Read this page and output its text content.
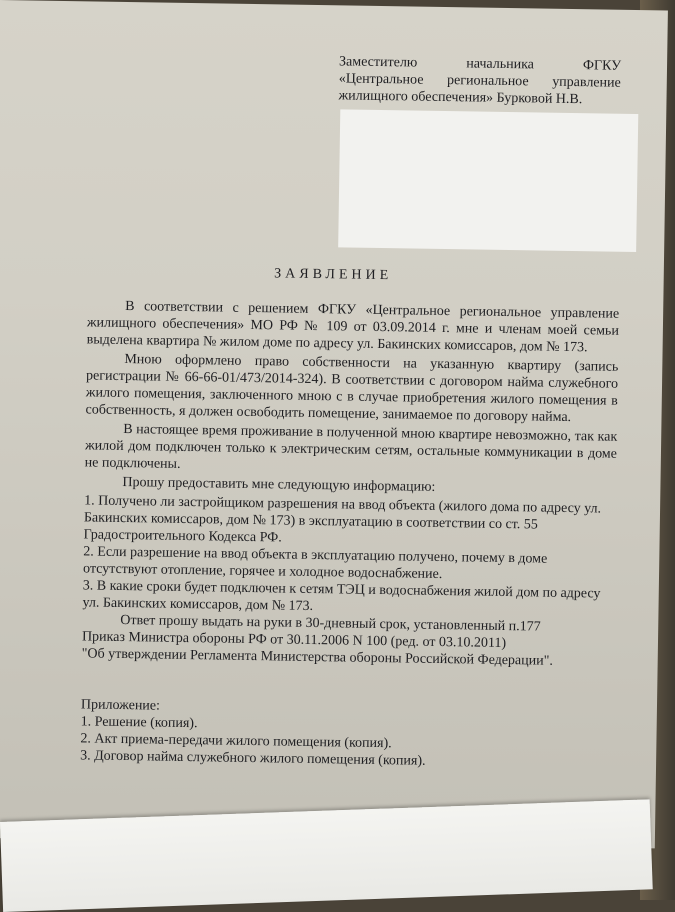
Заместителю начальника ФГКУ

«Центральное региональное управление

жилищного обеспечения» Бурковой Н.В.

ЗАЯВЛЕНИЕ

В соответствии с решением ФГКУ «Центральное региональное управление жилищного обеспечения» МО РФ № 109 от 03.09.2014 г. мне и членам моей семьи выделена квартира № жилом доме по адресу ул. Бакинских комиссаров, дом № 173.

Мною оформлено право собственности на указанную квартиру (запись регистрации № 66-66-01/473/2014-324). В соответствии с договором найма служебного жилого помещения, заключенного мною с в случае приобретения жилого помещения в собственность, я должен освободить помещение, занимаемое по договору найма.

В настоящее время проживание в полученной мною квартире невозможно, так как жилой дом подключен только к электрическим сетям, остальные коммуникации в доме не подключены.

Прошу предоставить мне следующую информацию:

1. Получено ли застройщиком разрешения на ввод объекта (жилого дома по адресу ул. Бакинских комиссаров, дом № 173) в эксплуатацию в соответствии со ст. 55 Градостроительного Кодекса РФ.

2. Если разрешение на ввод объекта в эксплуатацию получено, почему в доме отсутствуют отопление, горячее и холодное водоснабжение.

3. В какие сроки будет подключен к сетям ТЭЦ и водоснабжения жилой дом по адресу ул. Бакинских комиссаров, дом № 173.

Ответ прошу выдать на руки в 30-дневный срок, установленный п.177

Приказ Министра обороны РФ от 30.11.2006 N 100 (ред. от 03.10.2011)

"Об утверждении Регламента Министерства обороны Российской Федерации".

Приложение:

1. Решение (копия).

2. Акт приема-передачи жилого помещения (копия).

3. Договор найма служебного жилого помещения (копия).
